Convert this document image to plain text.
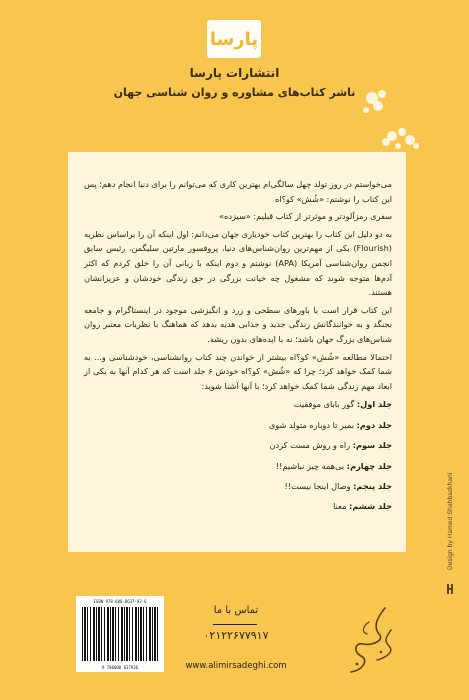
پارسا
انتشارات پارسا
ناشر کتاب‌های مشاوره و روان شناسی جهان

می‌خواستم در روز تولد چهل سالگی‌ام بهترین کاری که می‌توانم را برای دنیا انجام دهم؛ پس این کتاب را نوشتم: «شُش» کو؟اه

سفری رمزآلودتر و موثرتر از کتاب قبلیم: «سیزده»

به دو دلیل این کتاب را بهترین کتاب خودیاری جهان می‌دانم: اول اینکه آن را براساس نظریه (Flourish) یکی از مهم‌ترین روان‌شناس‌های دنیا، پروفسور مارتین سلیگمن، رئیس سابق انجمن روان‌شناسی آمریکا (APA) نوشتم و دوم اینکه با زبانی آن را خلق کردم که اکثر آدم‌ها متوجه شوند که مشغول چه خیانت بزرگی در حق زندگی خودشان و عزیزانشان هستند.

این کتاب قرار است با باورهای سطحی و زرد و انگیزشی موجود در اینستاگرام و جامعه بجنگد و به خوانندگانش زندگی جدید و جذابی هدیه بدهد که هماهنگ با نظریات معتبر روان شناس‌های بزرگ جهان باشد؛ نه با ایده‌های بدون ریشه.

احتمالا مطالعه «شُش» کو؟اه بیشتر از خواندن چند کتاب روانشناسی، خودشناسی و... به شما کمک خواهد کرد؛ چرا که «شُش» کو؟اه خودش ۶ جلد است که هر کدام آنها به یکی از ابعاد مهم زندگی شما کمک خواهد کرد؛ با آنها آشنا شوید:

جلد اول: گور بابای موفقیت

جلد دوم: بمیر تا دوباره متولد شوی

جلد سوم: راه و روش مست کردن

جلد چهارم: بی‌همه چیز نباشیم!!

جلد پنجم: وصال اینجا نیست!!

جلد ششم: معنا

ISBN 978-600-8637-93-6
9 786008 637936
تماس با ما
۰۲۱۲۲۶۷۷۹۱۷
www.alimirsadeghi.com
Design by Hamed Shahbazkhani
